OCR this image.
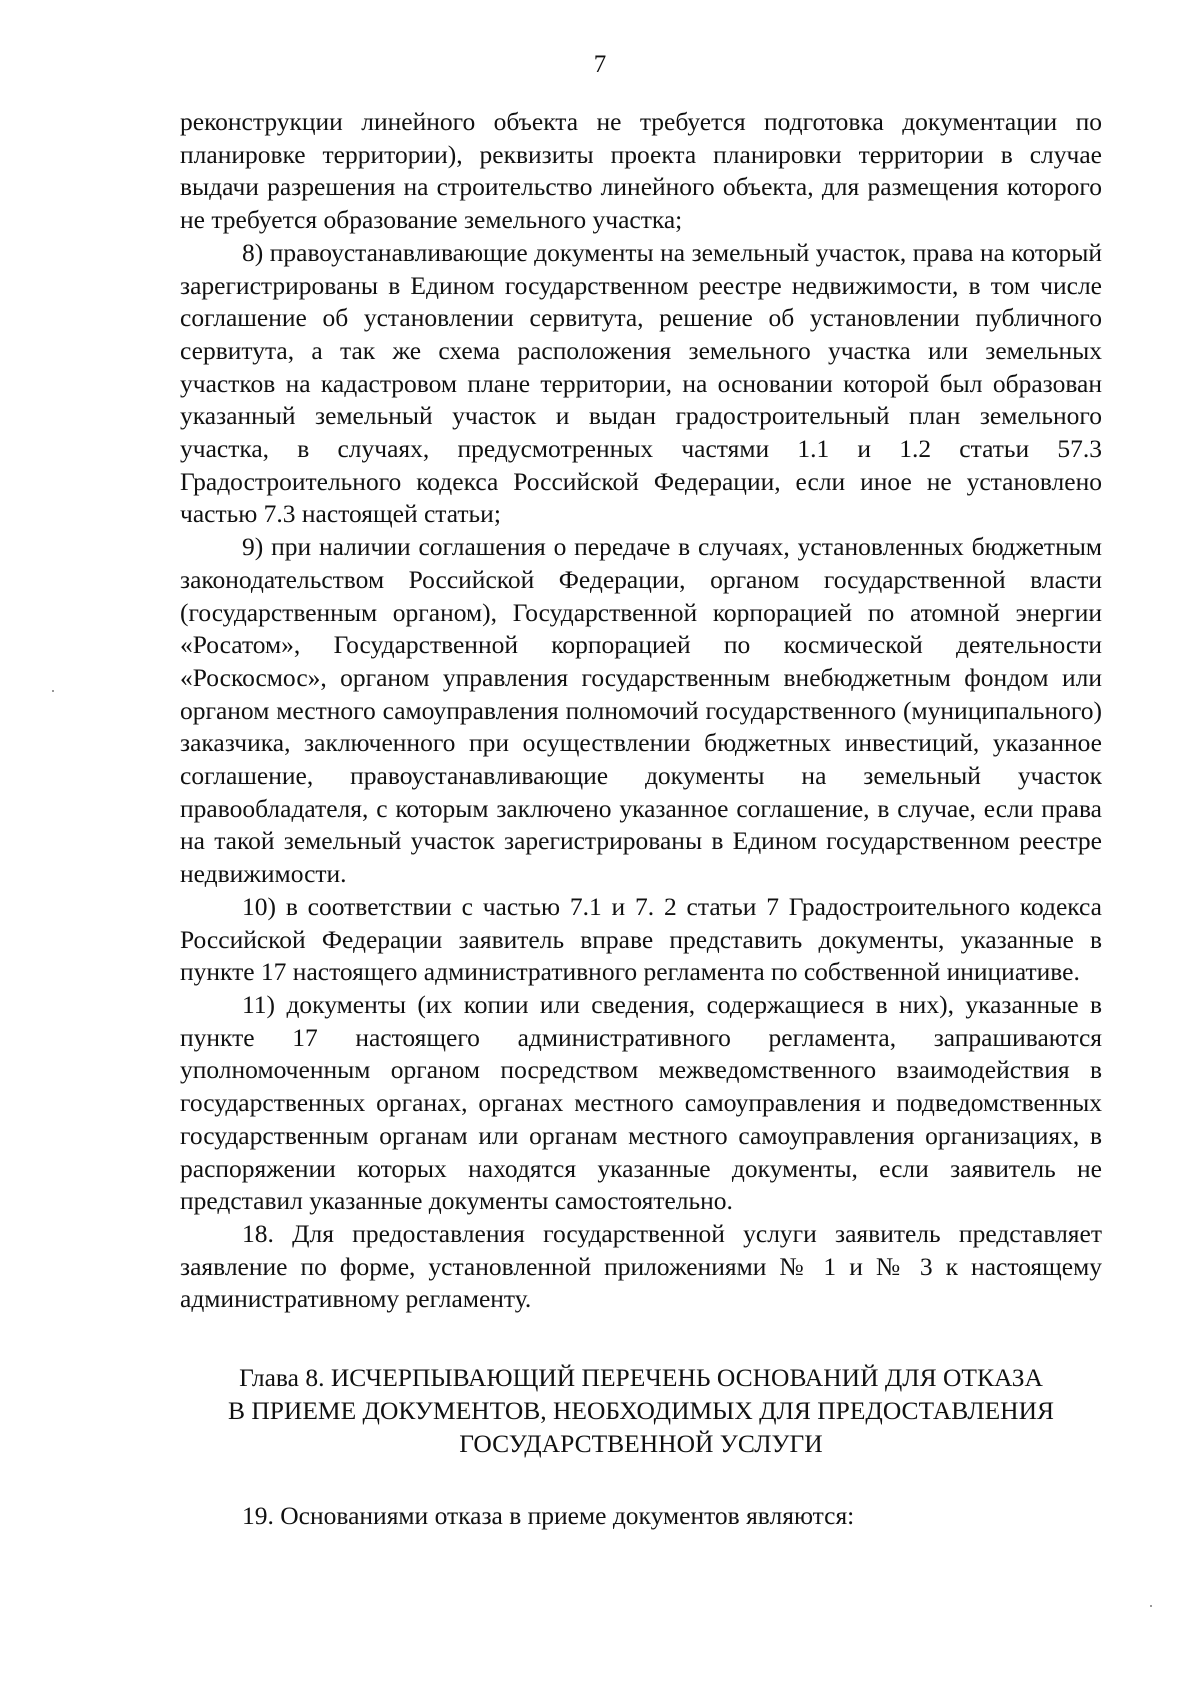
7

реконструкции линейного объекта не требуется подготовка документации по планировке территории), реквизиты проекта планировки территории в случае выдачи разрешения на строительство линейного объекта, для размещения которого не требуется образование земельного участка;

8) правоустанавливающие документы на земельный участок, права на который зарегистрированы в Едином государственном реестре недвижимости, в том числе соглашение об установлении сервитута, решение об установлении публичного сервитута, а так же схема расположения земельного участка или земельных участков на кадастровом плане территории, на основании которой был образован указанный земельный участок и выдан градостроительный план земельного участка, в случаях, предусмотренных частями 1.1 и 1.2 статьи 57.3 Градостроительного кодекса Российской Федерации, если иное не установлено частью 7.3 настоящей статьи;

9) при наличии соглашения о передаче в случаях, установленных бюджетным законодательством Российской Федерации, органом государственной власти (государственным органом), Государственной корпорацией по атомной энергии «Росатом», Государственной корпорацией по космической деятельности «Роскосмос», органом управления государственным внебюджетным фондом или органом местного самоуправления полномочий государственного (муниципального) заказчика, заключенного при осуществлении бюджетных инвестиций, указанное соглашение, правоустанавливающие документы на земельный участок правообладателя, с которым заключено указанное соглашение, в случае, если права на такой земельный участок зарегистрированы в Едином государственном реестре недвижимости.

10) в соответствии с частью 7.1 и 7. 2 статьи 7 Градостроительного кодекса Российской Федерации заявитель вправе представить документы, указанные в пункте 17 настоящего административного регламента по собственной инициативе.

11) документы (их копии или сведения, содержащиеся в них), указанные в пункте 17 настоящего административного регламента, запрашиваются уполномоченным органом посредством межведомственного взаимодействия в государственных органах, органах местного самоуправления и подведомственных государственным органам или органам местного самоуправления организациях, в распоряжении которых находятся указанные документы, если заявитель не представил указанные документы самостоятельно.

18. Для предоставления государственной услуги заявитель представляет заявление по форме, установленной приложениями № 1 и № 3 к настоящему административному регламенту.

Глава 8. ИСЧЕРПЫВАЮЩИЙ ПЕРЕЧЕНЬ ОСНОВАНИЙ ДЛЯ ОТКАЗА
В ПРИЕМЕ ДОКУМЕНТОВ, НЕОБХОДИМЫХ ДЛЯ ПРЕДОСТАВЛЕНИЯ
ГОСУДАРСТВЕННОЙ УСЛУГИ

19. Основаниями отказа в приеме документов являются:
